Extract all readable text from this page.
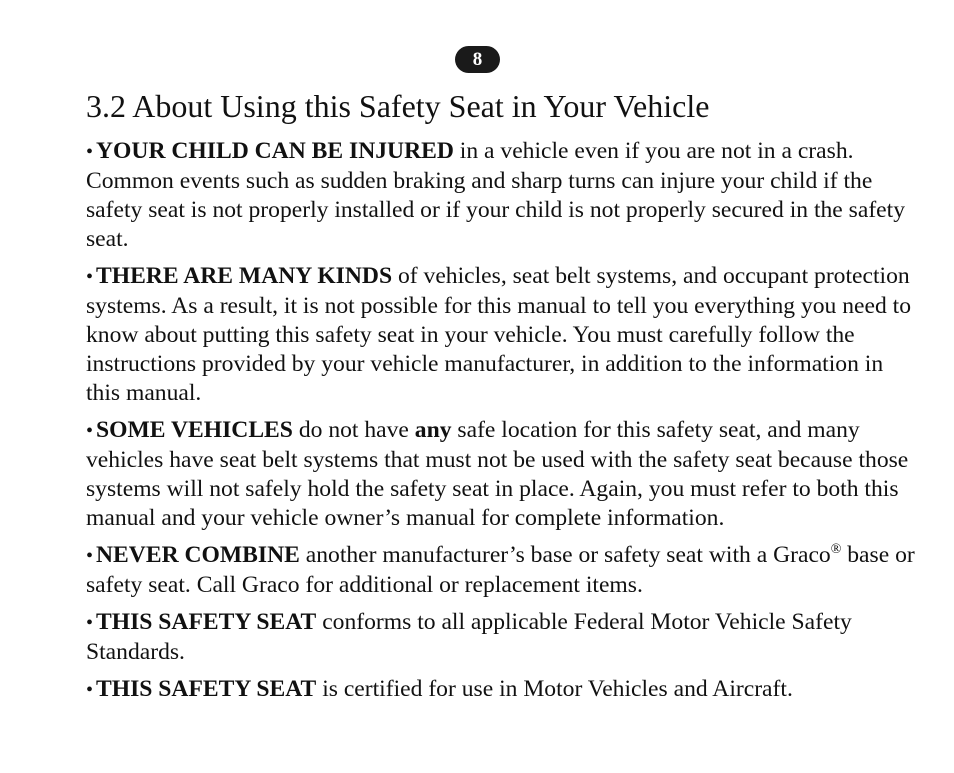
8
3.2 About Using this Safety Seat in Your Vehicle

• YOUR CHILD CAN BE INJURED in a vehicle even if you are not in a crash. Common events such as sudden braking and sharp turns can injure your child if the safety seat is not properly installed or if your child is not properly secured in the safety seat.

• THERE ARE MANY KINDS of vehicles, seat belt systems, and occupant protection systems. As a result, it is not possible for this manual to tell you everything you need to know about putting this safety seat in your vehicle. You must carefully follow the instructions provided by your vehicle manufacturer, in addition to the information in this manual.

• SOME VEHICLES do not have any safe location for this safety seat, and many vehicles have seat belt systems that must not be used with the safety seat because those systems will not safely hold the safety seat in place. Again, you must refer to both this manual and your vehicle owner’s manual for complete information.

• NEVER COMBINE another manufacturer’s base or safety seat with a Graco® base or safety seat. Call Graco for additional or replacement items.

• THIS SAFETY SEAT conforms to all applicable Federal Motor Vehicle Safety Standards.

• THIS SAFETY SEAT is certified for use in Motor Vehicles and Aircraft.
